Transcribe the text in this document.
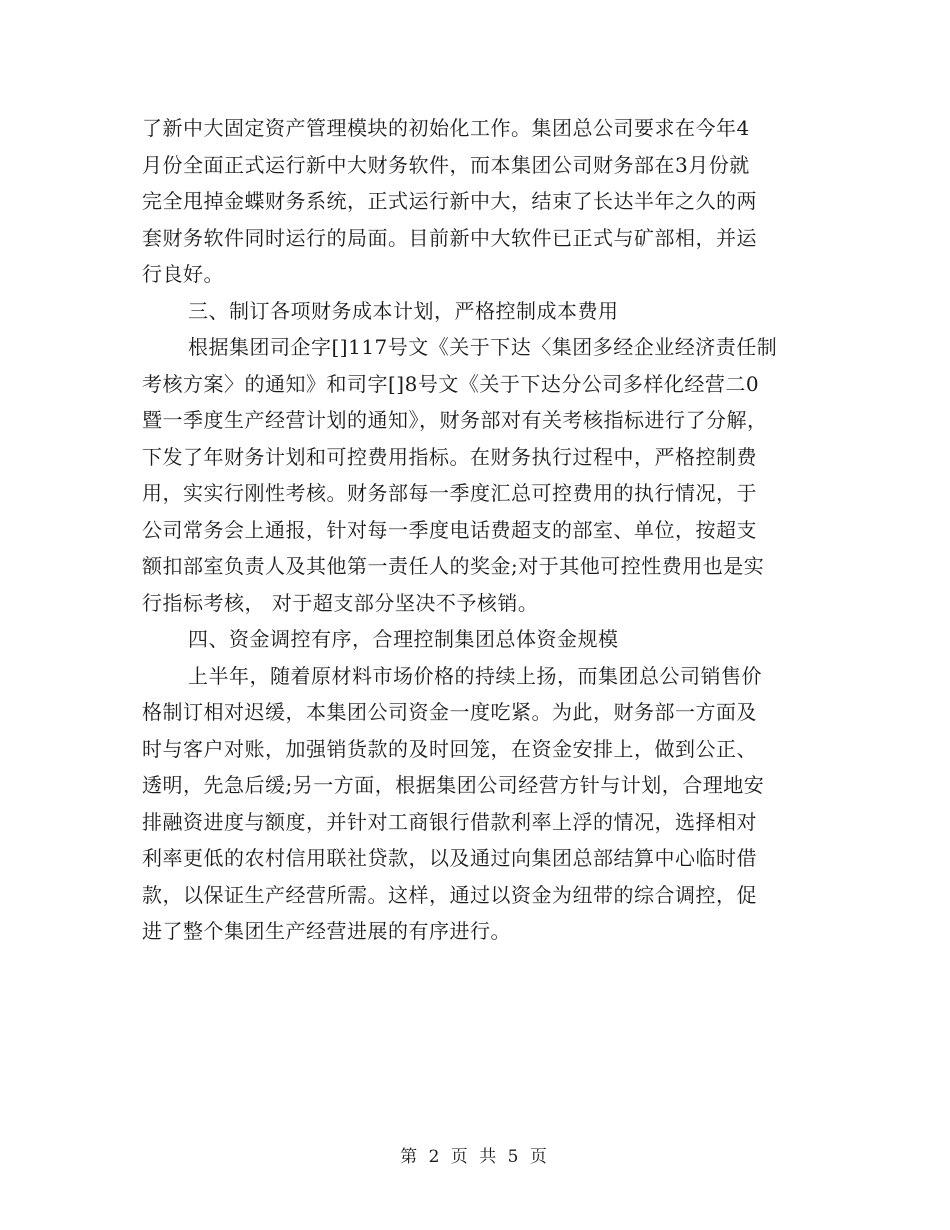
了新中大固定资产管理模块的初始化工作。集团总公司要求在今年4
月份全面正式运行新中大财务软件，而本集团公司财务部在3月份就
完全甩掉金蝶财务系统，正式运行新中大，结束了长达半年之久的两
套财务软件同时运行的局面。目前新中大软件已正式与矿部相，并运
行良好。
三、制订各项财务成本计划，严格控制成本费用
根据集团司企字[]117号文《关于下达〈集团多经企业经济责任制
考核方案〉的通知》和司字[]8号文《关于下达分公司多样化经营二0
暨一季度生产经营计划的通知》，财务部对有关考核指标进行了分解，
下发了年财务计划和可控费用指标。在财务执行过程中，严格控制费
用，实实行刚性考核。财务部每一季度汇总可控费用的执行情况，于
公司常务会上通报，针对每一季度电话费超支的部室、单位，按超支
额扣部室负责人及其他第一责任人的奖金;对于其他可控性费用也是实
行指标考核， 对于超支部分坚决不予核销。
四、资金调控有序，合理控制集团总体资金规模
上半年，随着原材料市场价格的持续上扬，而集团总公司销售价
格制订相对迟缓，本集团公司资金一度吃紧。为此，财务部一方面及
时与客户对账，加强销货款的及时回笼，在资金安排上，做到公正、
透明，先急后缓;另一方面，根据集团公司经营方针与计划，合理地安
排融资进度与额度，并针对工商银行借款利率上浮的情况，选择相对
利率更低的农村信用联社贷款，以及通过向集团总部结算中心临时借
款，以保证生产经营所需。这样，通过以资金为纽带的综合调控，促
进了整个集团生产经营进展的有序进行。
第 2 页 共 5 页
